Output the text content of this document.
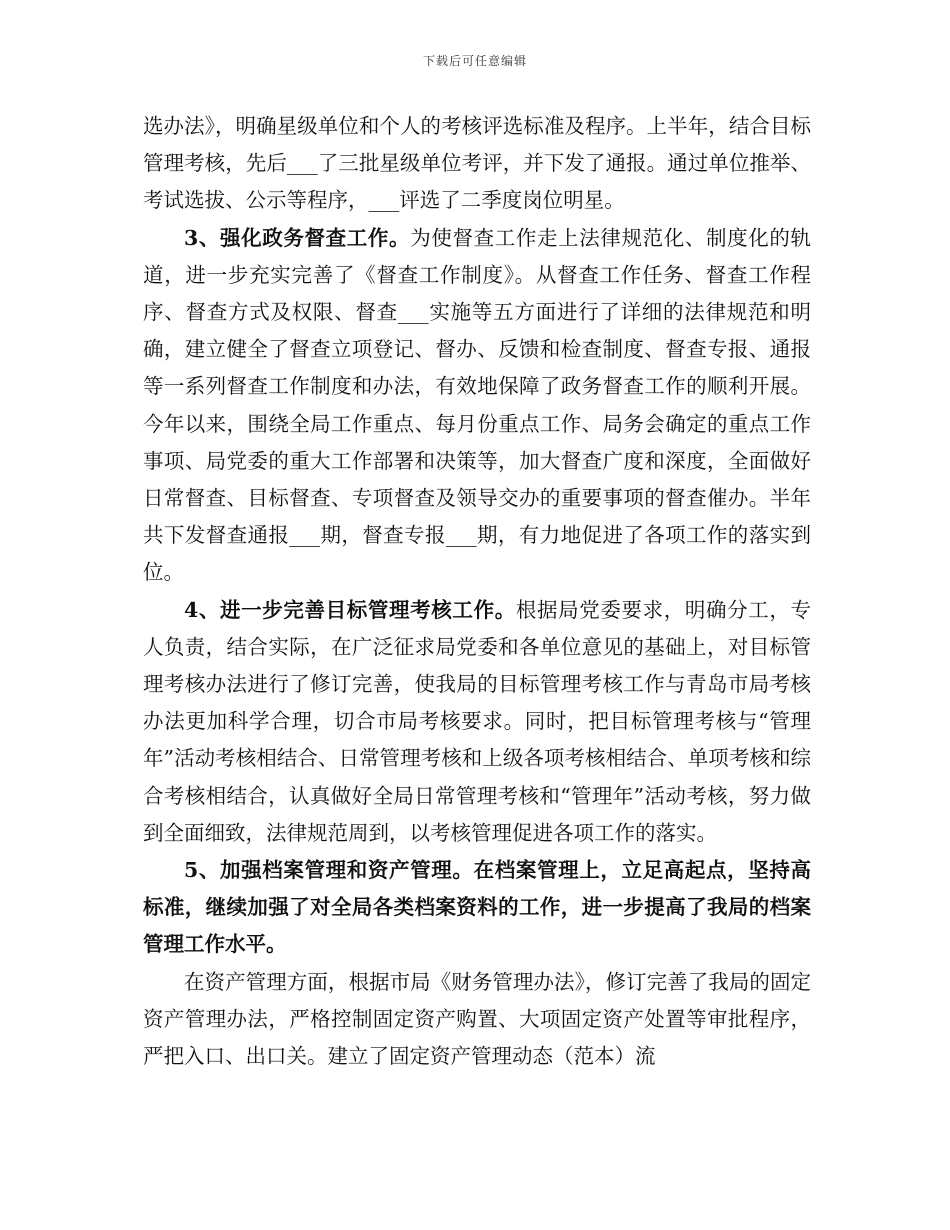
下载后可任意编辑

选办法》，明确星级单位和个人的考核评选标准及程序。上半年，结合目标管理考核，先后___了三批星级单位考评，并下发了通报。通过单位推举、考试选拔、公示等程序，___评选了二季度岗位明星。

3、强化政务督查工作。为使督查工作走上法律规范化、制度化的轨道，进一步充实完善了《督查工作制度》。从督查工作任务、督查工作程序、督查方式及权限、督查___实施等五方面进行了详细的法律规范和明确，建立健全了督查立项登记、督办、反馈和检查制度、督查专报、通报等一系列督查工作制度和办法，有效地保障了政务督查工作的顺利开展。今年以来，围绕全局工作重点、每月份重点工作、局务会确定的重点工作事项、局党委的重大工作部署和决策等，加大督查广度和深度，全面做好日常督查、目标督查、专项督查及领导交办的重要事项的督查催办。半年共下发督查通报___期，督查专报___期，有力地促进了各项工作的落实到位。

4、进一步完善目标管理考核工作。根据局党委要求，明确分工，专人负责，结合实际，在广泛征求局党委和各单位意见的基础上，对目标管理考核办法进行了修订完善，使我局的目标管理考核工作与青岛市局考核办法更加科学合理，切合市局考核要求。同时，把目标管理考核与“管理年”活动考核相结合、日常管理考核和上级各项考核相结合、单项考核和综合考核相结合，认真做好全局日常管理考核和“管理年”活动考核，努力做到全面细致，法律规范周到，以考核管理促进各项工作的落实。

5、加强档案管理和资产管理。在档案管理上，立足高起点，坚持高标准，继续加强了对全局各类档案资料的工作，进一步提高了我局的档案管理工作水平。

在资产管理方面，根据市局《财务管理办法》，修订完善了我局的固定资产管理办法，严格控制固定资产购置、大项固定资产处置等审批程序，严把入口、出口关。建立了固定资产管理动态（范本）流
